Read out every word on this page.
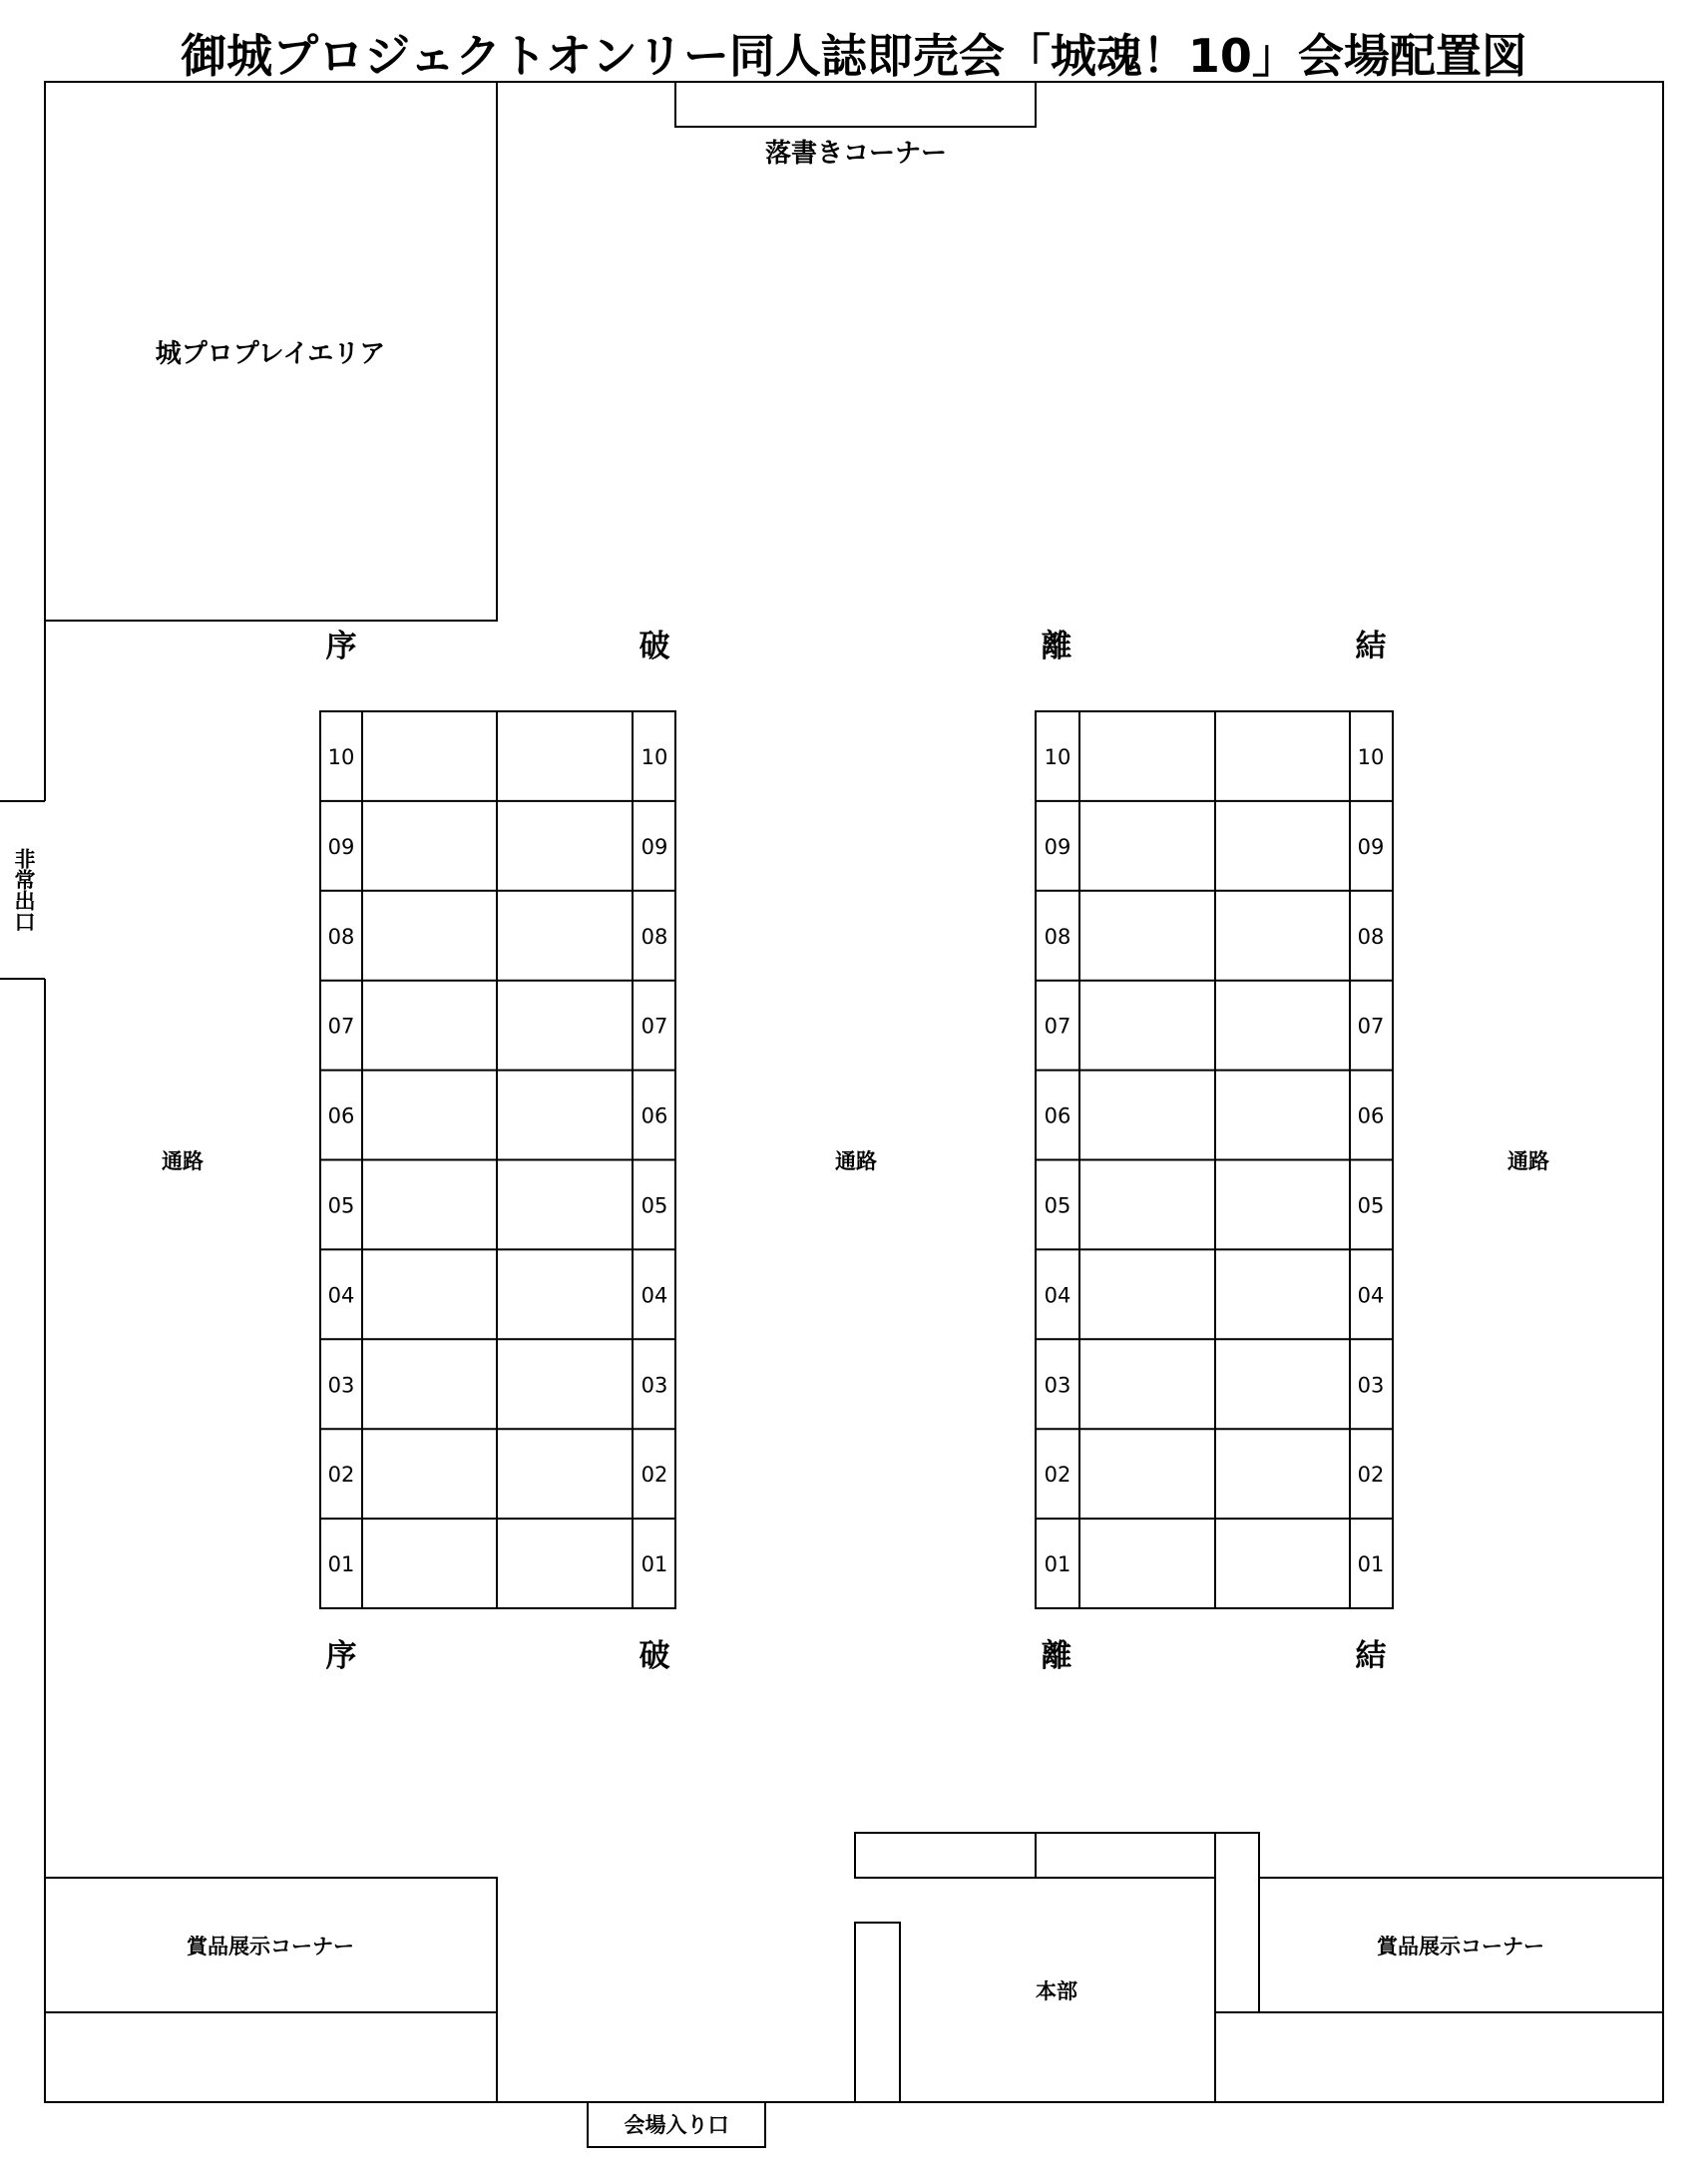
御城プロジェクトオンリー同人誌即売会「城魂！10」会場配置図
落書きコーナー
城プロプレイエリア
非常出口
通路	通路	通路
序	破	離	結
序	破	離	結
10	10
09	09
08	08
07	07
06	06
05	05
04	04
03	03
02	02
01	01
10	10
09	09
08	08
07	07
06	06
05	05
04	04
03	03
02	02
01	01
賞品展示コーナー	賞品展示コーナー
本部
会場入り口
